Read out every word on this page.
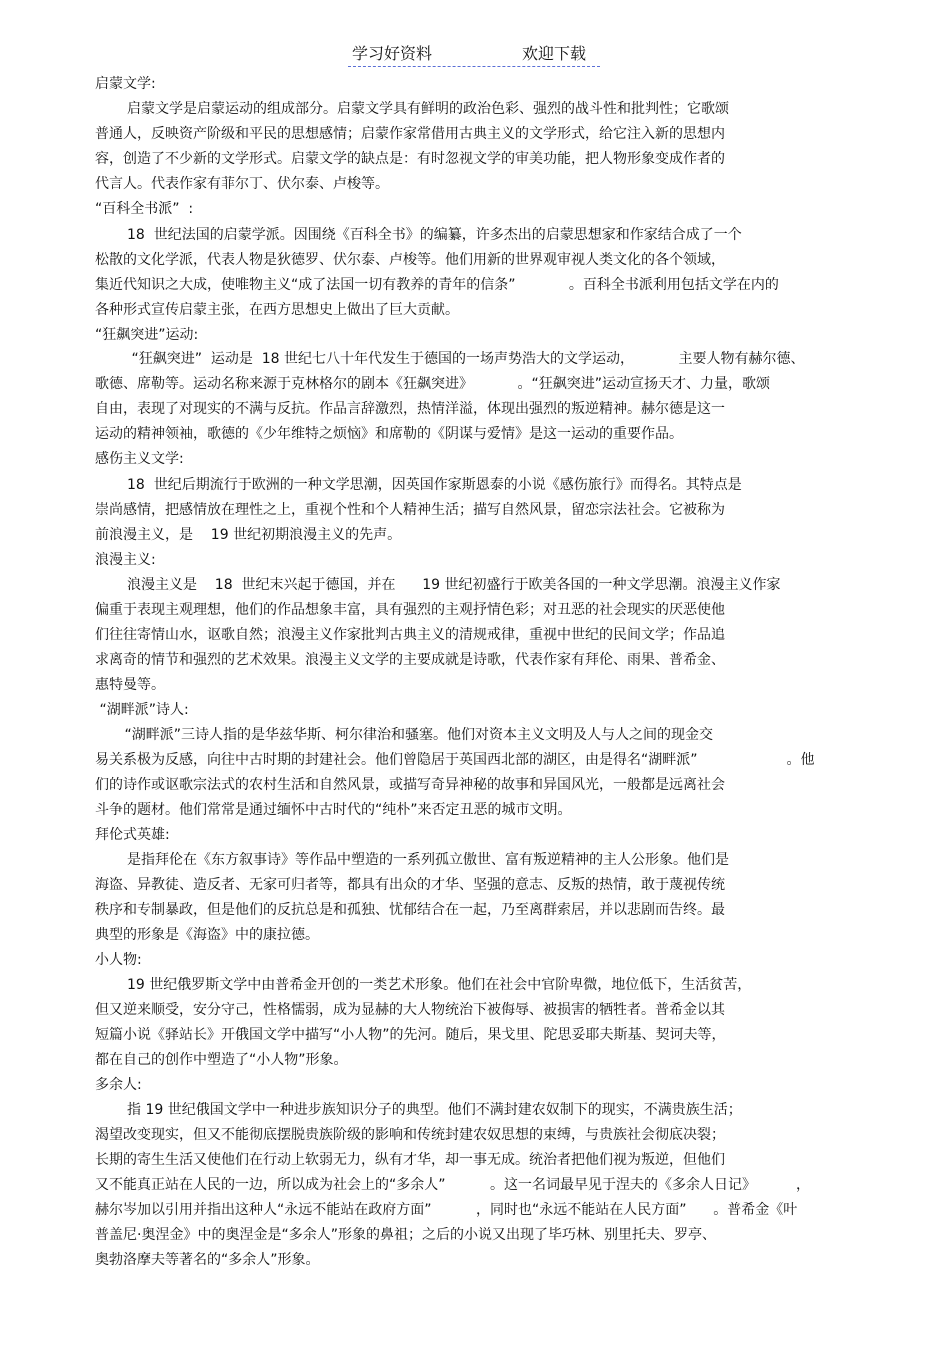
学习好资料	欢迎下载
启蒙文学:
启蒙文学是启蒙运动的组成部分。启蒙文学具有鲜明的政治色彩、强烈的战斗性和批判性；它歌颂
普通人，反映资产阶级和平民的思想感情；启蒙作家常借用古典主义的文学形式，给它注入新的思想内
容，创造了不少新的文学形式。启蒙文学的缺点是：有时忽视文学的审美功能，把人物形象变成作者的
代言人。代表作家有菲尔丁、伏尔泰、卢梭等。
“百科全书派”  :
18  世纪法国的启蒙学派。因围绕《百科全书》的编纂，许多杰出的启蒙思想家和作家结合成了一个
松散的文化学派，代表人物是狄德罗、伏尔泰、卢梭等。他们用新的世界观审视人类文化的各个领域，
集近代知识之大成，使唯物主义“成了法国一切有教养的青年的信条”            。百科全书派利用包括文学在内的
各种形式宣传启蒙主张，在西方思想史上做出了巨大贡献。
“狂飙突进”运动:
“狂飙突进”  运动是  18 世纪七八十年代发生于德国的一场声势浩大的文学运动，          主要人物有赫尔德、
歌德、席勒等。运动名称来源于克林格尔的剧本《狂飙突进》          。“狂飙突进”运动宣扬天才、力量，歌颂
自由，表现了对现实的不满与反抗。作品言辞激烈，热情洋溢，体现出强烈的叛逆精神。赫尔德是这一
运动的精神领袖，歌德的《少年维特之烦恼》和席勒的《阴谋与爱情》是这一运动的重要作品。
感伤主义文学:
18  世纪后期流行于欧洲的一种文学思潮，因英国作家斯恩泰的小说《感伤旅行》而得名。其特点是
崇尚感情，把感情放在理性之上，重视个性和个人精神生活；描写自然风景，留恋宗法社会。它被称为
前浪漫主义，是    19 世纪初期浪漫主义的先声。
浪漫主义:
浪漫主义是    18  世纪末兴起于德国，并在      19 世纪初盛行于欧美各国的一种文学思潮。浪漫主义作家
偏重于表现主观理想，他们的作品想象丰富，具有强烈的主观抒情色彩；对丑恶的社会现实的厌恶使他
们往往寄情山水，讴歌自然；浪漫主义作家批判古典主义的清规戒律，重视中世纪的民间文学；作品追
求离奇的情节和强烈的艺术效果。浪漫主义文学的主要成就是诗歌，代表作家有拜伦、雨果、普希金、
惠特曼等。
“湖畔派”诗人:
“湖畔派”三诗人指的是华兹华斯、柯尔律治和骚塞。他们对资本主义文明及人与人之间的现金交
易关系极为反感，向往中古时期的封建社会。他们曾隐居于英国西北部的湖区，由是得名“湖畔派”                    。他
们的诗作或讴歌宗法式的农村生活和自然风景，或描写奇异神秘的故事和异国风光，一般都是远离社会
斗争的题材。他们常常是通过缅怀中古时代的“纯朴”来否定丑恶的城市文明。
拜伦式英雄:
是指拜伦在《东方叙事诗》等作品中塑造的一系列孤立傲世、富有叛逆精神的主人公形象。他们是
海盗、异教徒、造反者、无家可归者等，都具有出众的才华、坚强的意志、反叛的热情，敢于蔑视传统
秩序和专制暴政，但是他们的反抗总是和孤独、忧郁结合在一起，乃至离群索居，并以悲剧而告终。最
典型的形象是《海盗》中的康拉德。
小人物:
19 世纪俄罗斯文学中由普希金开创的一类艺术形象。他们在社会中官阶卑微，地位低下，生活贫苦，
但又逆来顺受，安分守己，性格懦弱，成为显赫的大人物统治下被侮辱、被损害的牺牲者。普希金以其
短篇小说《驿站长》开俄国文学中描写“小人物”的先河。随后，果戈里、陀思妥耶夫斯基、契诃夫等，
都在自己的创作中塑造了“小人物”形象。
多余人:
指 19 世纪俄国文学中一种进步族知识分子的典型。他们不满封建农奴制下的现实，不满贵族生活；
渴望改变现实，但又不能彻底摆脱贵族阶级的影响和传统封建农奴思想的束缚，与贵族社会彻底决裂；
长期的寄生生活又使他们在行动上软弱无力，纵有才华，却一事无成。统治者把他们视为叛逆，但他们
又不能真正站在人民的一边，所以成为社会上的“多余人”          。这一名词最早见于涅夫的《多余人日记》         ，
赫尔岑加以引用并指出这种人“永远不能站在政府方面”          ，同时也“永远不能站在人民方面”      。普希金《叶
普盖尼·奥涅金》中的奥涅金是“多余人”形象的鼻祖；之后的小说又出现了毕巧林、别里托夫、罗亭、
奥勃洛摩夫等著名的“多余人”形象。
